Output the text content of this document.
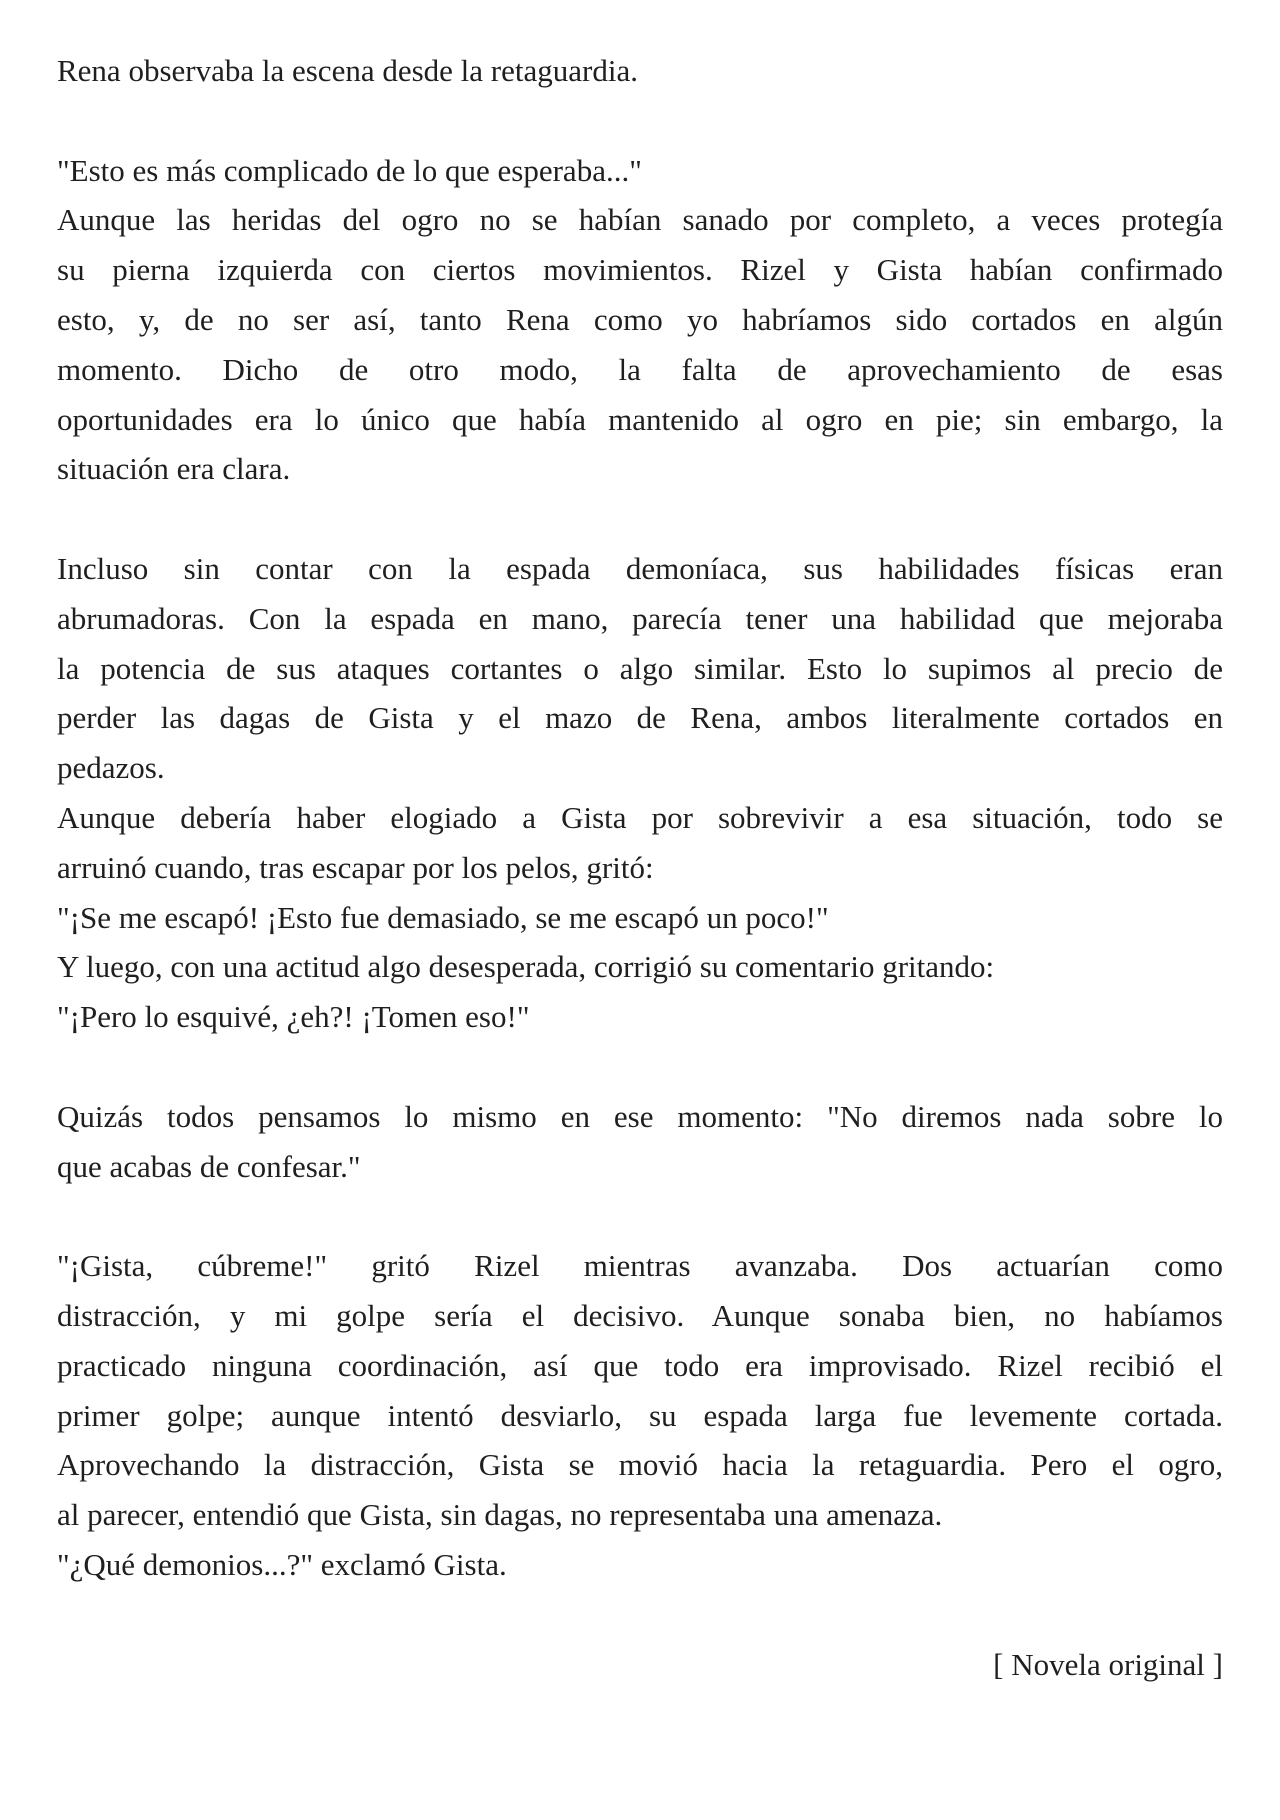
Rena observaba la escena desde la retaguardia.
"Esto es más complicado de lo que esperaba..."
Aunque las heridas del ogro no se habían sanado por completo, a veces protegía
su pierna izquierda con ciertos movimientos. Rizel y Gista habían confirmado
esto, y, de no ser así, tanto Rena como yo habríamos sido cortados en algún
momento. Dicho de otro modo, la falta de aprovechamiento de esas
oportunidades era lo único que había mantenido al ogro en pie; sin embargo, la
situación era clara.
Incluso sin contar con la espada demoníaca, sus habilidades físicas eran
abrumadoras. Con la espada en mano, parecía tener una habilidad que mejoraba
la potencia de sus ataques cortantes o algo similar. Esto lo supimos al precio de
perder las dagas de Gista y el mazo de Rena, ambos literalmente cortados en
pedazos.
Aunque debería haber elogiado a Gista por sobrevivir a esa situación, todo se
arruinó cuando, tras escapar por los pelos, gritó:
"¡Se me escapó! ¡Esto fue demasiado, se me escapó un poco!"
Y luego, con una actitud algo desesperada, corrigió su comentario gritando:
"¡Pero lo esquivé, ¿eh?! ¡Tomen eso!"
Quizás todos pensamos lo mismo en ese momento: "No diremos nada sobre lo
que acabas de confesar."
"¡Gista, cúbreme!" gritó Rizel mientras avanzaba. Dos actuarían como
distracción, y mi golpe sería el decisivo. Aunque sonaba bien, no habíamos
practicado ninguna coordinación, así que todo era improvisado. Rizel recibió el
primer golpe; aunque intentó desviarlo, su espada larga fue levemente cortada.
Aprovechando la distracción, Gista se movió hacia la retaguardia. Pero el ogro,
al parecer, entendió que Gista, sin dagas, no representaba una amenaza.
"¿Qué demonios...?" exclamó Gista.
[ Novela original ]
